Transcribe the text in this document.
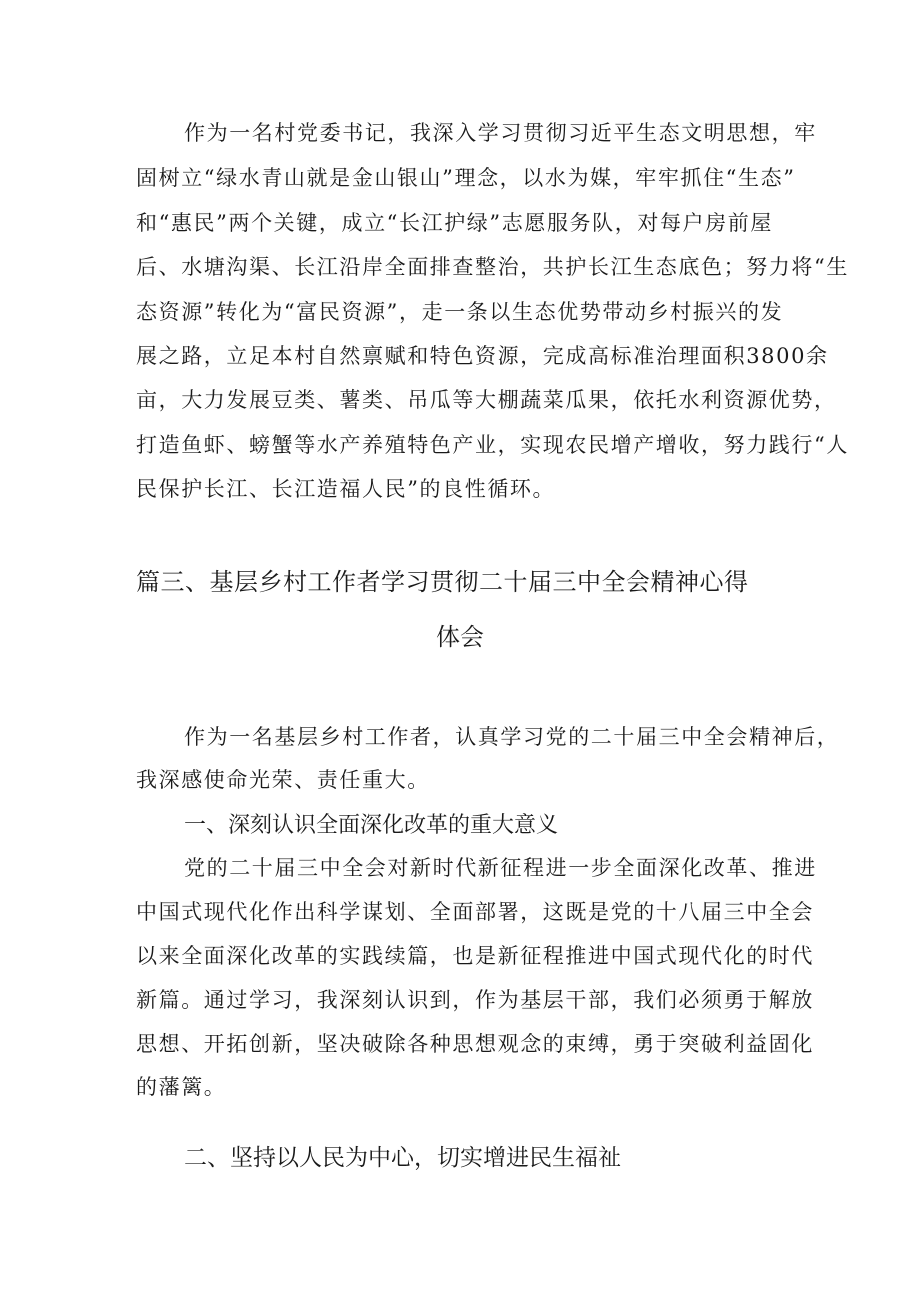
作为一名村党委书记，我深入学习贯彻习近平生态文明思想，牢
固树立“绿水青山就是金山银山”理念，以水为媒，牢牢抓住“生态”
和“惠民”两个关键，成立“长江护绿”志愿服务队，对每户房前屋
后、水塘沟渠、长江沿岸全面排查整治，共护长江生态底色；努力将“生
态资源”转化为“富民资源”，走一条以生态优势带动乡村振兴的发
展之路，立足本村自然禀赋和特色资源，完成高标准治理面积3800余
亩，大力发展豆类、薯类、吊瓜等大棚蔬菜瓜果，依托水利资源优势，
打造鱼虾、螃蟹等水产养殖特色产业，实现农民增产增收，努力践行“人
民保护长江、长江造福人民”的良性循环。
篇三、基层乡村工作者学习贯彻二十届三中全会精神心得
体会
作为一名基层乡村工作者，认真学习党的二十届三中全会精神后，
我深感使命光荣、责任重大。
一、深刻认识全面深化改革的重大意义
党的二十届三中全会对新时代新征程进一步全面深化改革、推进
中国式现代化作出科学谋划、全面部署，这既是党的十八届三中全会
以来全面深化改革的实践续篇，也是新征程推进中国式现代化的时代
新篇。通过学习，我深刻认识到，作为基层干部，我们必须勇于解放
思想、开拓创新，坚决破除各种思想观念的束缚，勇于突破利益固化
的藩篱。
二、坚持以人民为中心，切实增进民生福祉
